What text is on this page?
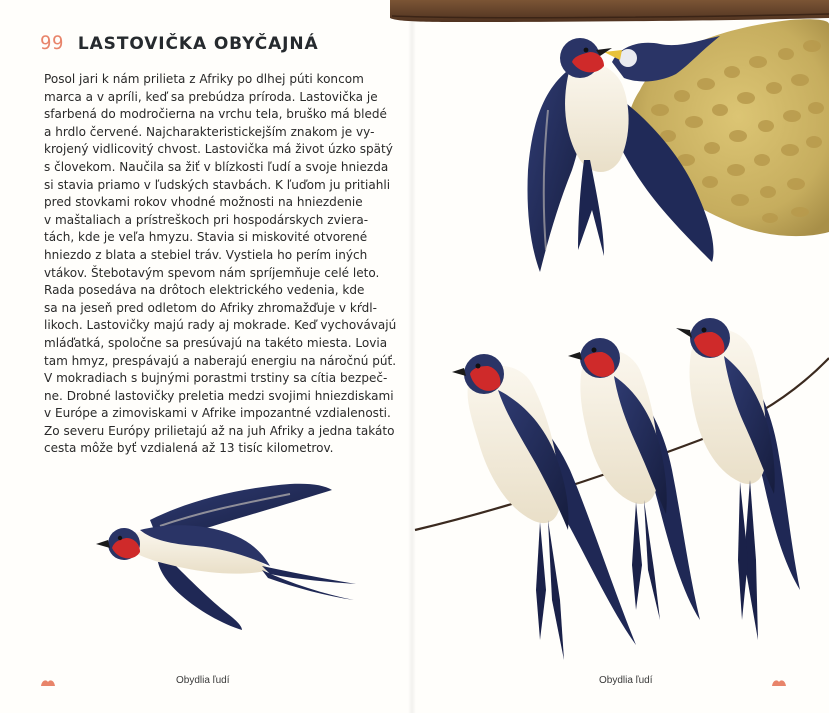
99 LASTOVIČKA OBYČAJNÁ
Posol jari k nám prilieta z Afriky po dlhej púti koncom
marca a v apríli, keď sa prebúdza príroda. Lastovička je
sfarbená do modročierna na vrchu tela, bruško má bledé
a hrdlo červené. Najcharakteristickejším znakom je vy-
krojený vidlicovitý chvost. Lastovička má život úzko spätý
s človekom. Naučila sa žiť v blízkosti ľudí a svoje hniezda
si stavia priamo v ľudských stavbách. K ľuďom ju pritiahli
pred stovkami rokov vhodné možnosti na hniezdenie
v maštaliach a prístreškoch pri hospodárskych zviera-
tách, kde je veľa hmyzu. Stavia si miskovité otvorené
hniezdo z blata a stebiel tráv. Vystiela ho perím iných
vtákov. Štebotavým spevom nám spríjemňuje celé leto.
Rada posedáva na drôtoch elektrického vedenia, kde
sa na jeseň pred odletom do Afriky zhromažďuje v kŕdl-
likoch. Lastovičky majú rady aj mokrade. Keď vychovávajú
mláďatká, spoločne sa presúvajú na takéto miesta. Lovia
tam hmyz, prespávajú a naberajú energiu na náročnú púť.
V mokradiach s bujnými porastmi trstiny sa cítia bezpeč-
ne. Drobné lastovičky preletia medzi svojimi hniezdiskami
v Európe a zimoviskami v Afrike impozantné vzdialenosti.
Zo severu Európy prilietajú až na juh Afriky a jedna takáto
cesta môže byť vzdialená až 13 tisíc kilometrov.
Obydlia ľudí	Obydlia ľudí
